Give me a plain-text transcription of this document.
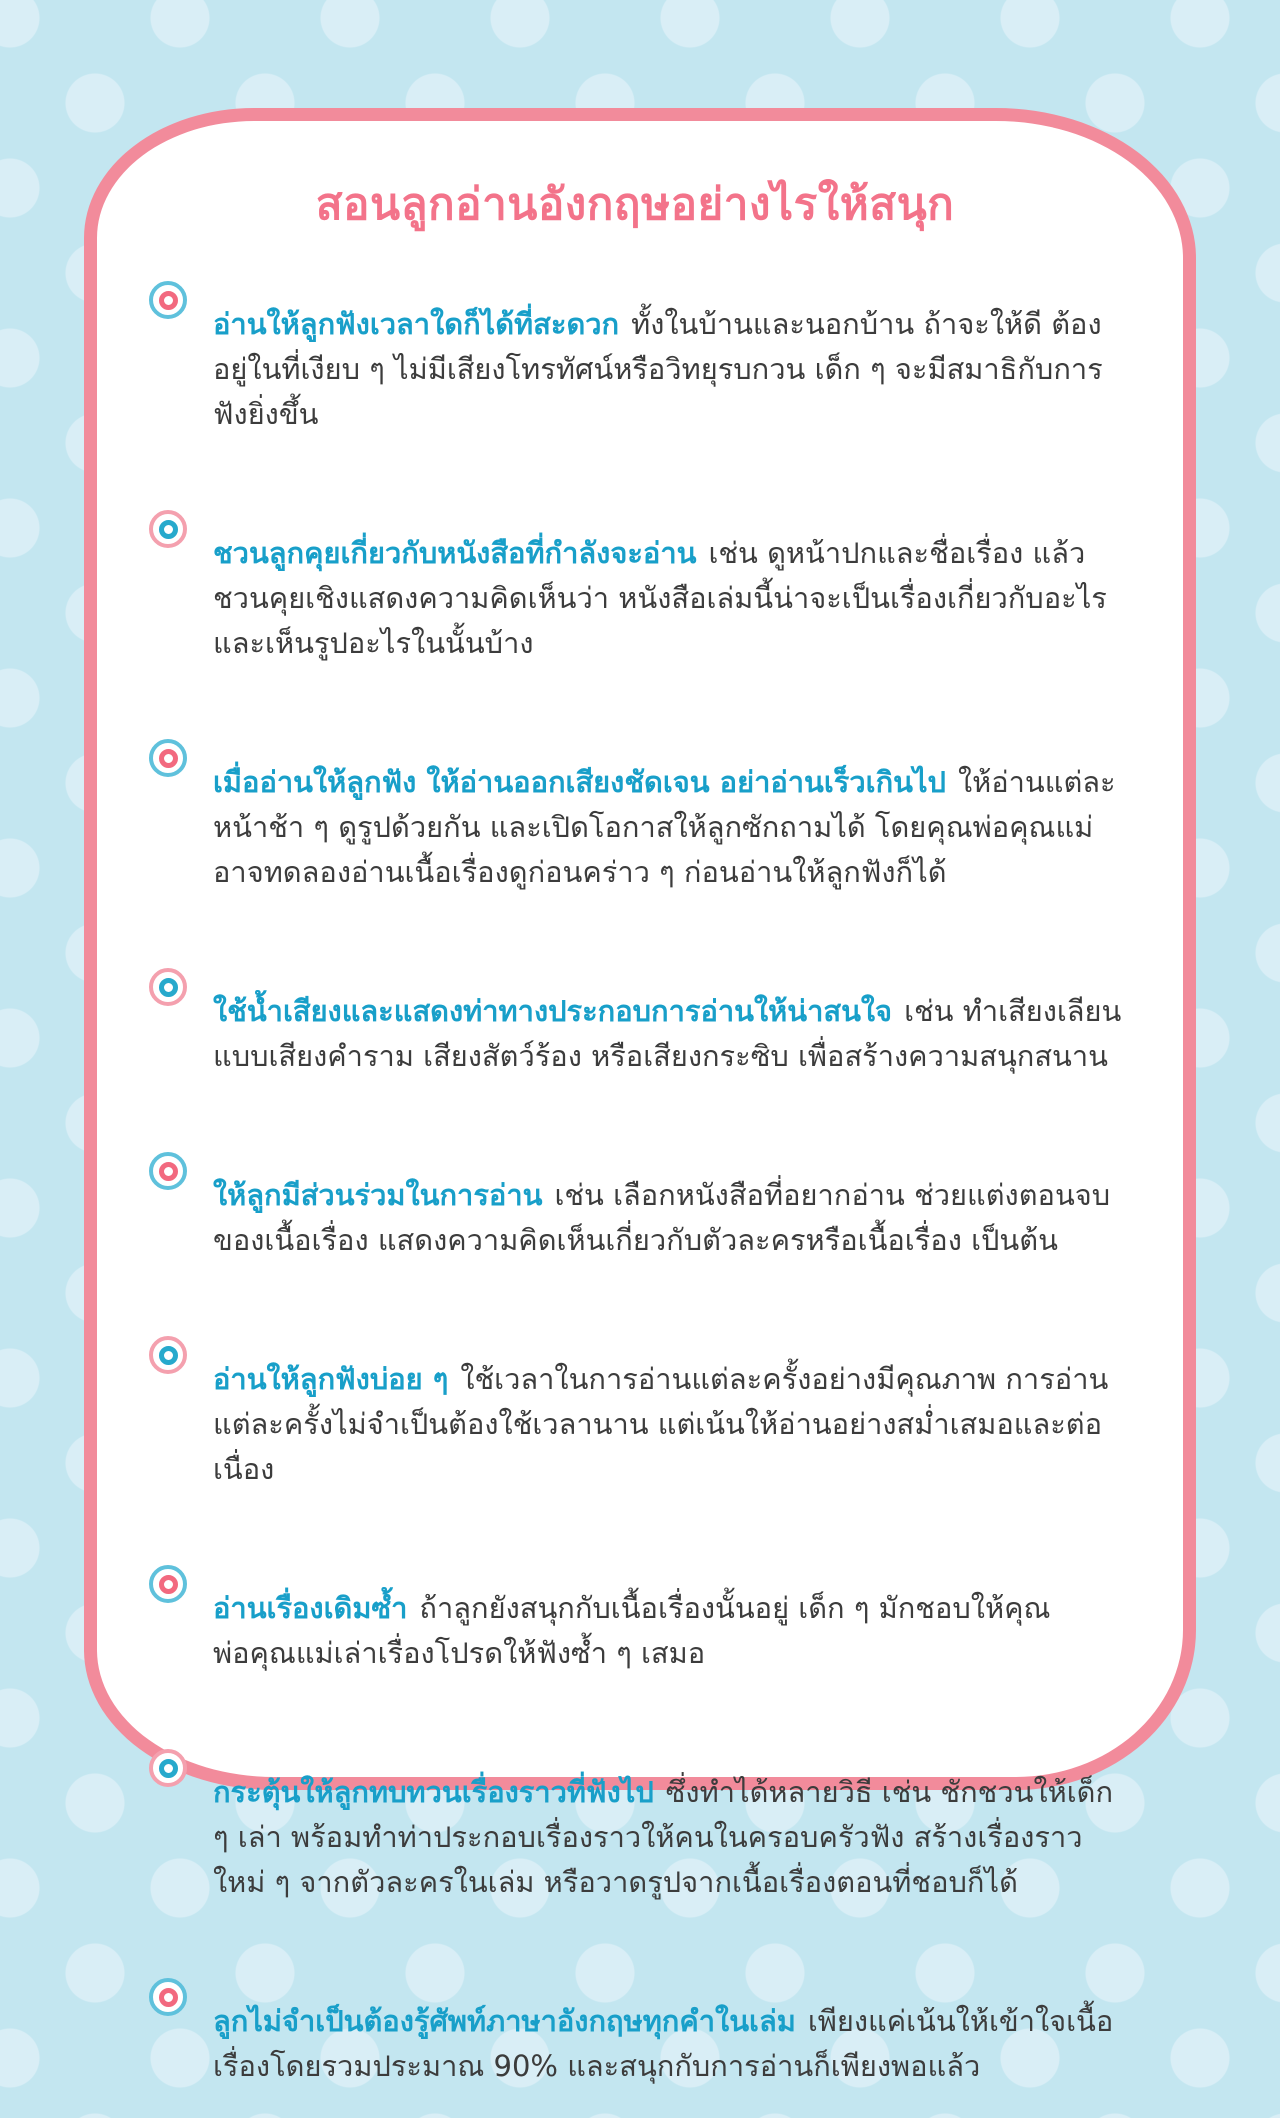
สอนลูกอ่านอังกฤษอย่างไรให้สนุก

อ่านให้ลูกฟังเวลาใดก็ได้ที่สะดวก ทั้งในบ้านและนอกบ้าน ถ้าจะให้ดี ต้องอยู่ในที่เงียบ ๆ ไม่มีเสียงโทรทัศน์หรือวิทยุรบกวน เด็ก ๆ จะมีสมาธิกับการฟังยิ่งขึ้น

ชวนลูกคุยเกี่ยวกับหนังสือที่กำลังจะอ่าน เช่น ดูหน้าปกและชื่อเรื่อง แล้วชวนคุยเชิงแสดงความคิดเห็นว่า หนังสือเล่มนี้น่าจะเป็นเรื่องเกี่ยวกับอะไร และเห็นรูปอะไรในนั้นบ้าง

เมื่ออ่านให้ลูกฟัง ให้อ่านออกเสียงชัดเจน อย่าอ่านเร็วเกินไป ให้อ่านแต่ละหน้าช้า ๆ ดูรูปด้วยกัน และเปิดโอกาสให้ลูกซักถามได้ โดยคุณพ่อคุณแม่อาจทดลองอ่านเนื้อเรื่องดูก่อนคร่าว ๆ ก่อนอ่านให้ลูกฟังก็ได้

ใช้น้ำเสียงและแสดงท่าทางประกอบการอ่านให้น่าสนใจ เช่น ทำเสียงเลียนแบบเสียงคำราม เสียงสัตว์ร้อง หรือเสียงกระซิบ เพื่อสร้างความสนุกสนาน

ให้ลูกมีส่วนร่วมในการอ่าน เช่น เลือกหนังสือที่อยากอ่าน ช่วยแต่งตอนจบของเนื้อเรื่อง แสดงความคิดเห็นเกี่ยวกับตัวละครหรือเนื้อเรื่อง เป็นต้น

อ่านให้ลูกฟังบ่อย ๆ ใช้เวลาในการอ่านแต่ละครั้งอย่างมีคุณภาพ การอ่านแต่ละครั้งไม่จำเป็นต้องใช้เวลานาน แต่เน้นให้อ่านอย่างสม่ำเสมอและต่อเนื่อง

อ่านเรื่องเดิมซ้ำ ถ้าลูกยังสนุกกับเนื้อเรื่องนั้นอยู่ เด็ก ๆ มักชอบให้คุณพ่อคุณแม่เล่าเรื่องโปรดให้ฟังซ้ำ ๆ เสมอ

กระตุ้นให้ลูกทบทวนเรื่องราวที่ฟังไป ซึ่งทำได้หลายวิธี เช่น ชักชวนให้เด็ก ๆ เล่า พร้อมทำท่าประกอบเรื่องราวให้คนในครอบครัวฟัง สร้างเรื่องราวใหม่ ๆ จากตัวละครในเล่ม หรือวาดรูปจากเนื้อเรื่องตอนที่ชอบก็ได้

ลูกไม่จำเป็นต้องรู้ศัพท์ภาษาอังกฤษทุกคำในเล่ม เพียงแค่เน้นให้เข้าใจเนื้อเรื่องโดยรวมประมาณ 90% และสนุกกับการอ่านก็เพียงพอแล้ว
